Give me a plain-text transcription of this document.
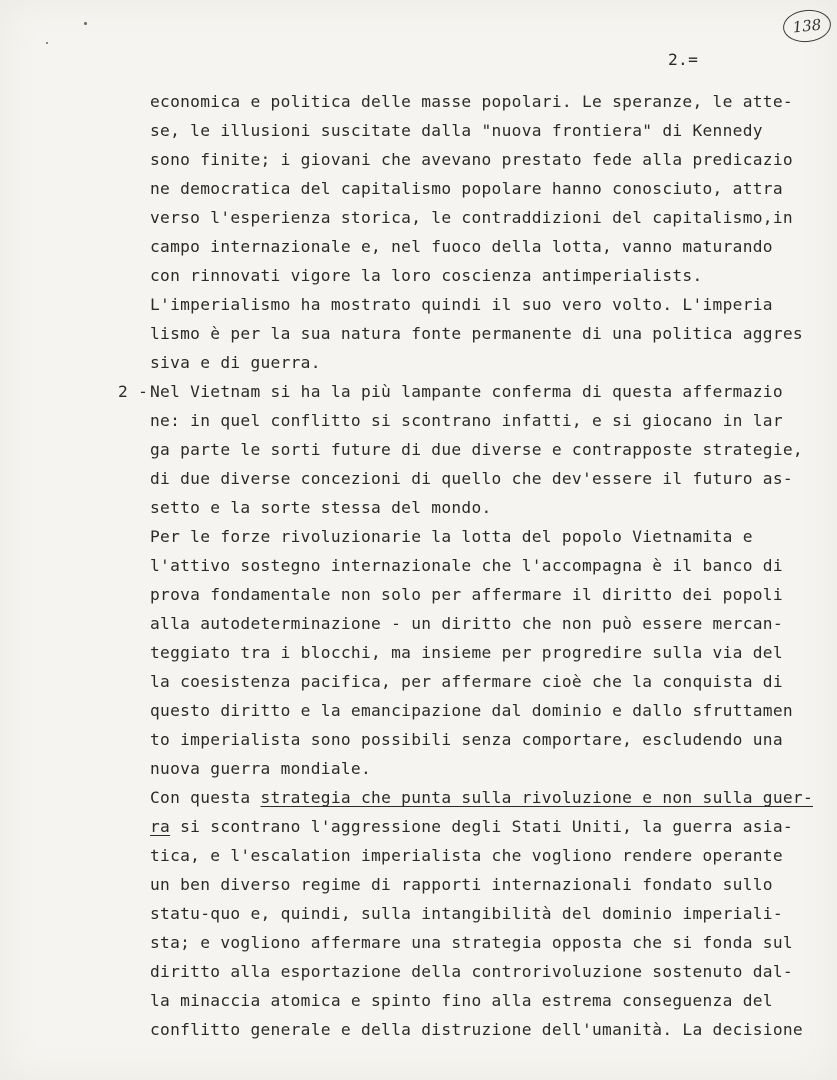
138
2.=
economica e politica delle masse popolari. Le speranze, le atte-
se, le illusioni suscitate dalla "nuova frontiera" di Kennedy
sono finite; i giovani che avevano prestato fede alla predicazio
ne democratica del capitalismo popolare hanno conosciuto, attra
verso l'esperienza storica, le contraddizioni del capitalismo,in
campo internazionale e, nel fuoco della lotta, vanno maturando
con rinnovati vigore la loro coscienza antimperialists.
L'imperialismo ha mostrato quindi il suo vero volto. L'imperia
lismo è per la sua natura fonte permanente di una politica aggres
siva e di guerra.
2 - Nel Vietnam si ha la più lampante conferma di questa affermazio
ne: in quel conflitto si scontrano infatti, e si giocano in lar
ga parte le sorti future di due diverse e contrapposte strategie,
di due diverse concezioni di quello che dev'essere il futuro as-
setto e la sorte stessa del mondo.
Per le forze rivoluzionarie la lotta del popolo Vietnamita e
l'attivo sostegno internazionale che l'accompagna è il banco di
prova fondamentale non solo per affermare il diritto dei popoli
alla autodeterminazione - un diritto che non può essere mercan-
teggiato tra i blocchi, ma insieme per progredire sulla via del
la coesistenza pacifica, per affermare cioè che la conquista di
questo diritto e la emancipazione dal dominio e dallo sfruttamen
to imperialista sono possibili senza comportare, escludendo una
nuova guerra mondiale.
Con questa strategia che punta sulla rivoluzione e non sulla guer-
ra si scontrano l'aggressione degli Stati Uniti, la guerra asia-
tica, e l'escalation imperialista che vogliono rendere operante
un ben diverso regime di rapporti internazionali fondato sullo
statu-quo e, quindi, sulla intangibilità del dominio imperiali-
sta; e vogliono affermare una strategia opposta che si fonda sul
diritto alla esportazione della controrivoluzione sostenuto dal-
la minaccia atomica e spinto fino alla estrema conseguenza del
conflitto generale e della distruzione dell'umanità. La decisione
